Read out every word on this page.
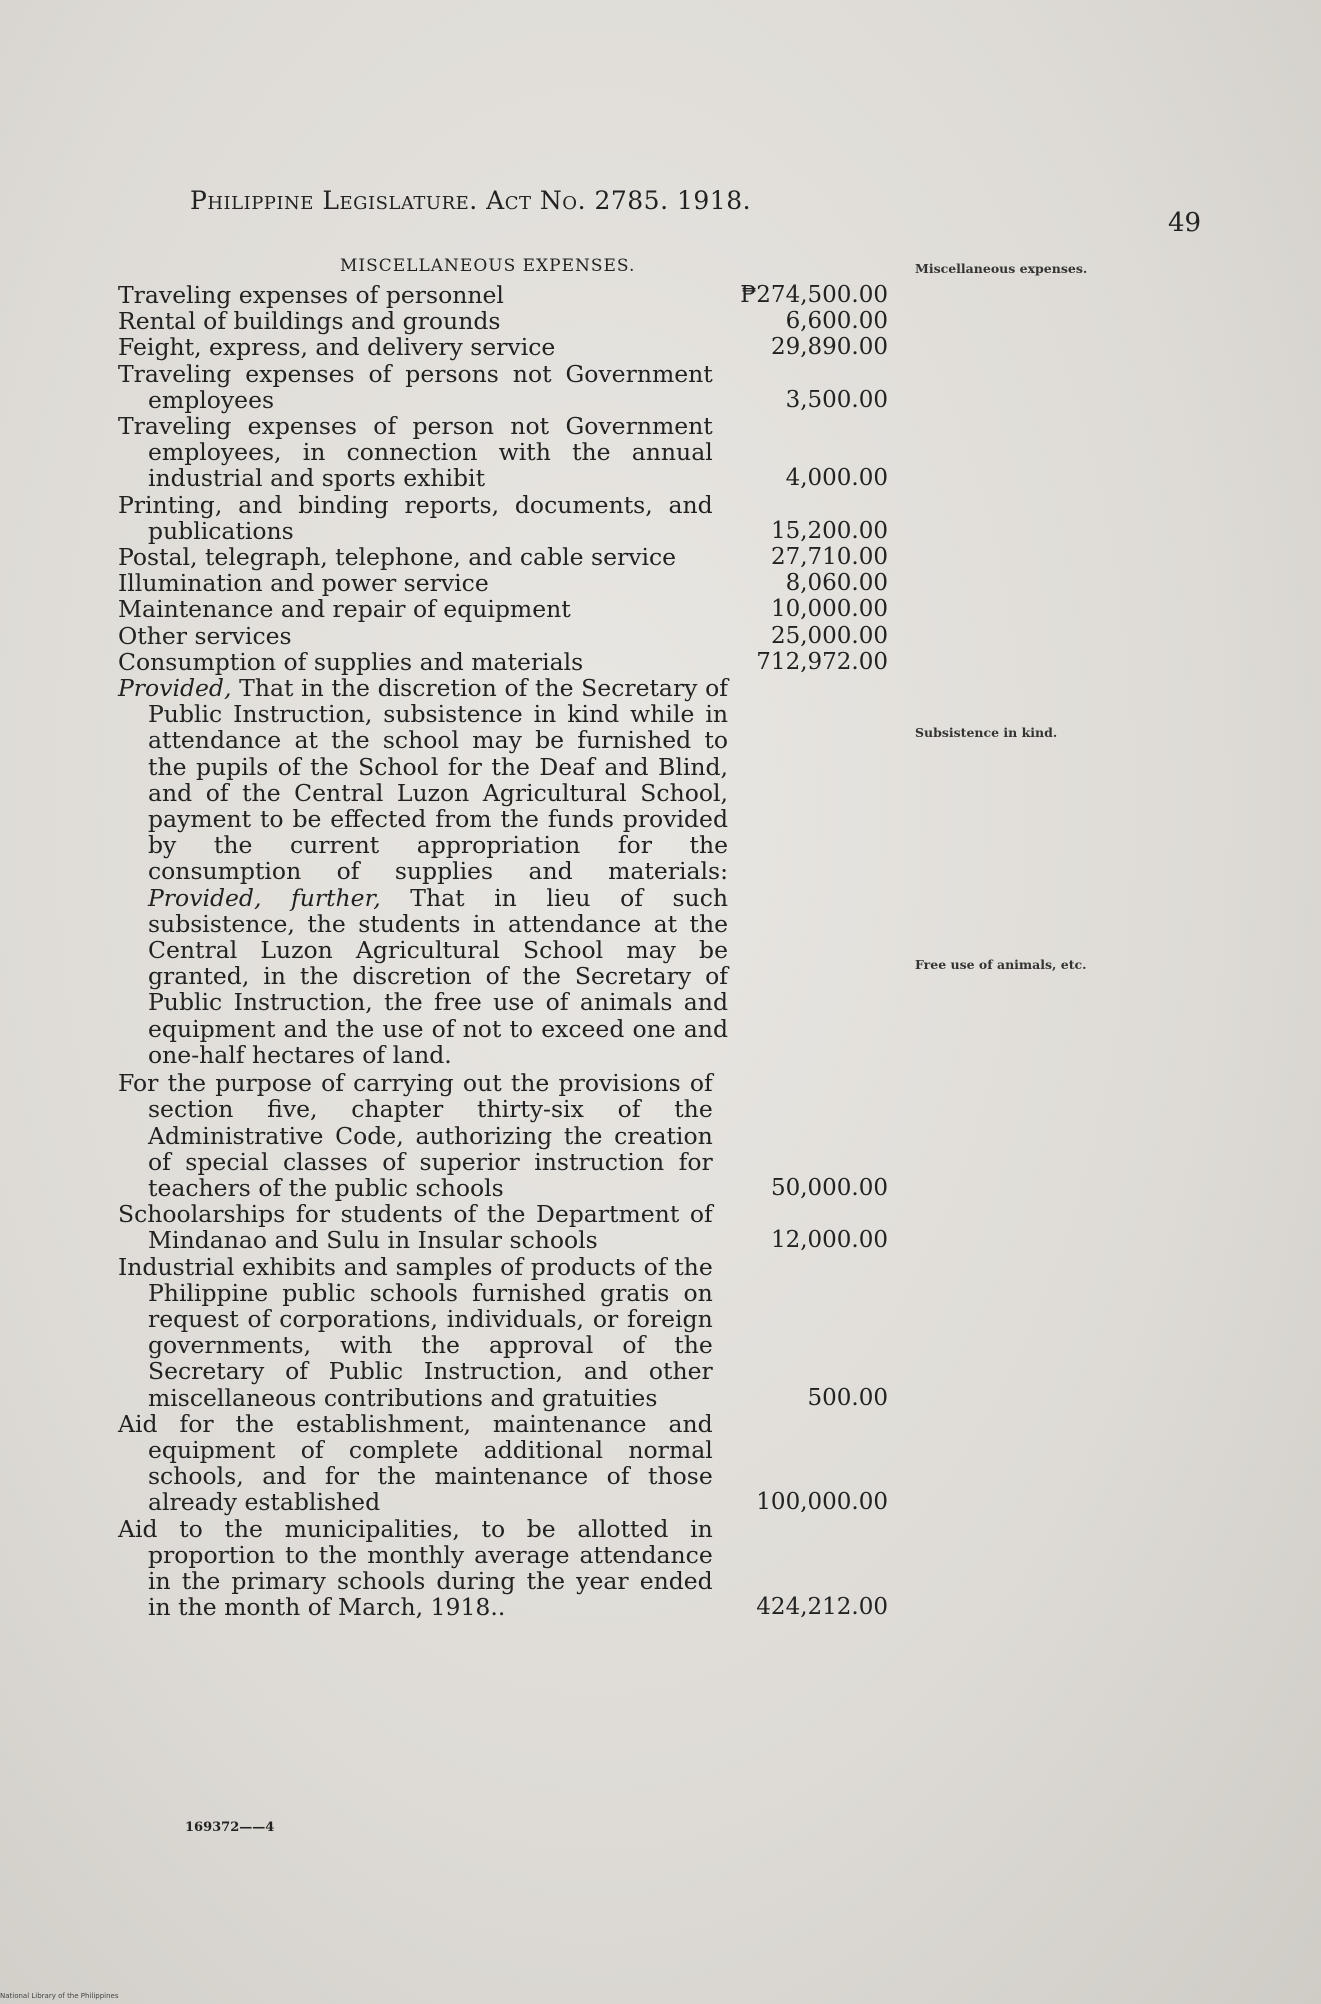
Philippine Legislature. Act No. 2785. 1918.
49
MISCELLANEOUS EXPENSES.	Miscellaneous expenses.
Subsistence in kind.
Free use of animals, etc.
Traveling expenses of personnel	₱274,500.00
Rental of buildings and grounds	6,600.00
Feight, express, and delivery service	29,890.00
Traveling expenses of persons not Government employees	3,500.00
Traveling expenses of person not Government employees, in connection with the annual industrial and sports exhibit	4,000.00
Printing, and binding reports, documents, and publications	15,200.00
Postal, telegraph, telephone, and cable service	27,710.00
Illumination and power service	8,060.00
Maintenance and repair of equipment	10,000.00
Other services	25,000.00
Consumption of supplies and materials	712,972.00
Provided, That in the discretion of the Secretary of Public Instruction, subsistence in kind while in attendance at the school may be furnished to the pupils of the School for the Deaf and Blind, and of the Central Luzon Agricultural School, payment to be effected from the funds provided by the current appropriation for the consumption of supplies and materials: Provided, further, That in lieu of such subsistence, the students in attendance at the Central Luzon Agricultural School may be granted, in the discretion of the Secretary of Public Instruction, the free use of animals and equipment and the use of not to exceed one and one-half hectares of land.
For the purpose of carrying out the provisions of section five, chapter thirty-six of the Administrative Code, authorizing the creation of special classes of superior instruction for teachers of the public schools	50,000.00
Schoolarships for students of the Department of Mindanao and Sulu in Insular schools	12,000.00
Industrial exhibits and samples of products of the Philippine public schools furnished gratis on request of corporations, individuals, or foreign governments, with the approval of the Secretary of Public Instruction, and other miscellaneous contributions and gratuities	500.00
Aid for the establishment, maintenance and equipment of complete additional normal schools, and for the maintenance of those already established	100,000.00
Aid to the municipalities, to be allotted in proportion to the monthly average attendance in the primary schools during the year ended in the month of March, 1918..	424,212.00
169372——4
National Library of the Philippines
